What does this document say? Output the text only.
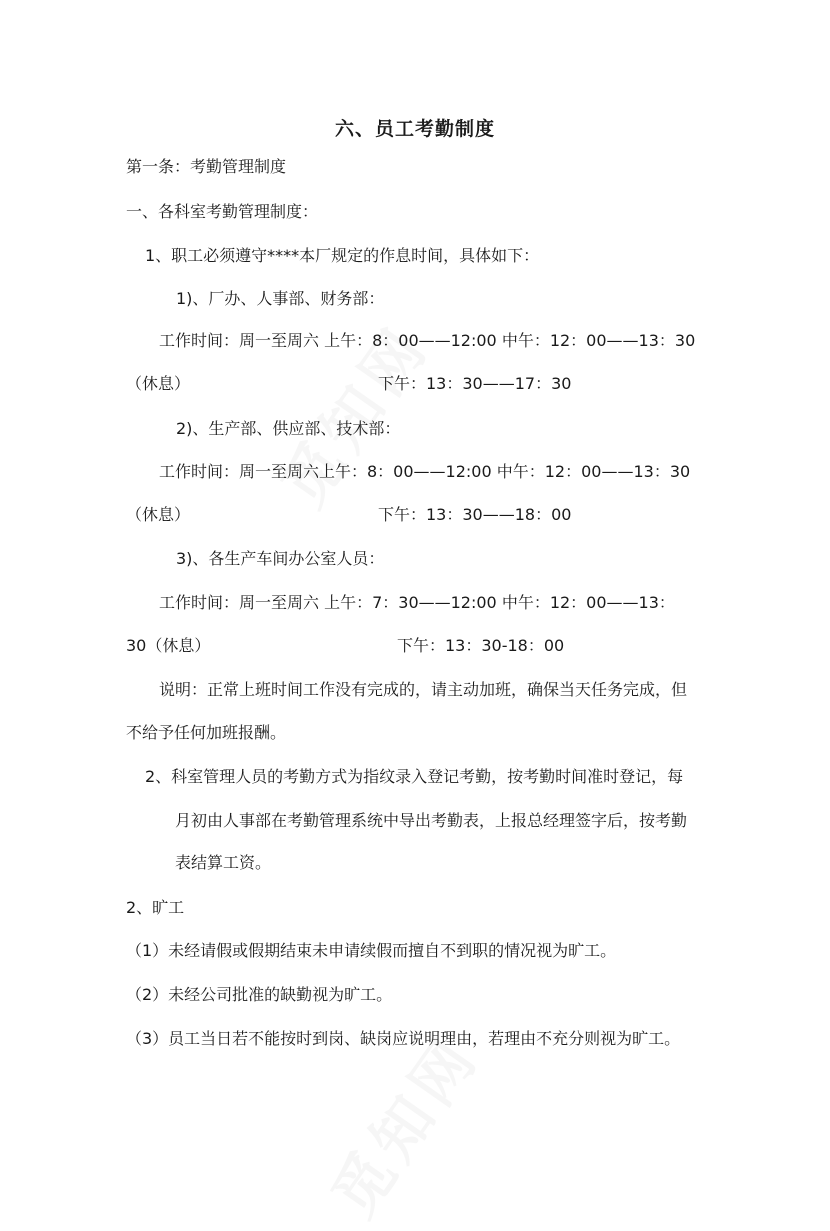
六、员工考勤制度
第一条：考勤管理制度
一、各科室考勤管理制度：
1、职工必须遵守****本厂规定的作息时间，具体如下：
1)、厂办、人事部、财务部：
工作时间：周一至周六 上午：8：00——12:00 中午：12：00——13：30
（休息）	下午：13：30——17：30
2)、生产部、供应部、技术部：
工作时间：周一至周六上午：8：00——12:00 中午：12：00——13：30
（休息）	下午：13：30——18：00
3)、各生产车间办公室人员：
工作时间：周一至周六 上午：7：30——12:00 中午：12：00——13：
30（休息）	下午：13：30-18：00
说明：正常上班时间工作没有完成的，请主动加班，确保当天任务完成，但
不给予任何加班报酬。
2、科室管理人员的考勤方式为指纹录入登记考勤，按考勤时间准时登记，每
月初由人事部在考勤管理系统中导出考勤表，上报总经理签字后，按考勤
表结算工资。
2、旷工
（1）未经请假或假期结束未申请续假而擅自不到职的情况视为旷工。
（2）未经公司批准的缺勤视为旷工。
（3）员工当日若不能按时到岗、缺岗应说明理由，若理由不充分则视为旷工。
